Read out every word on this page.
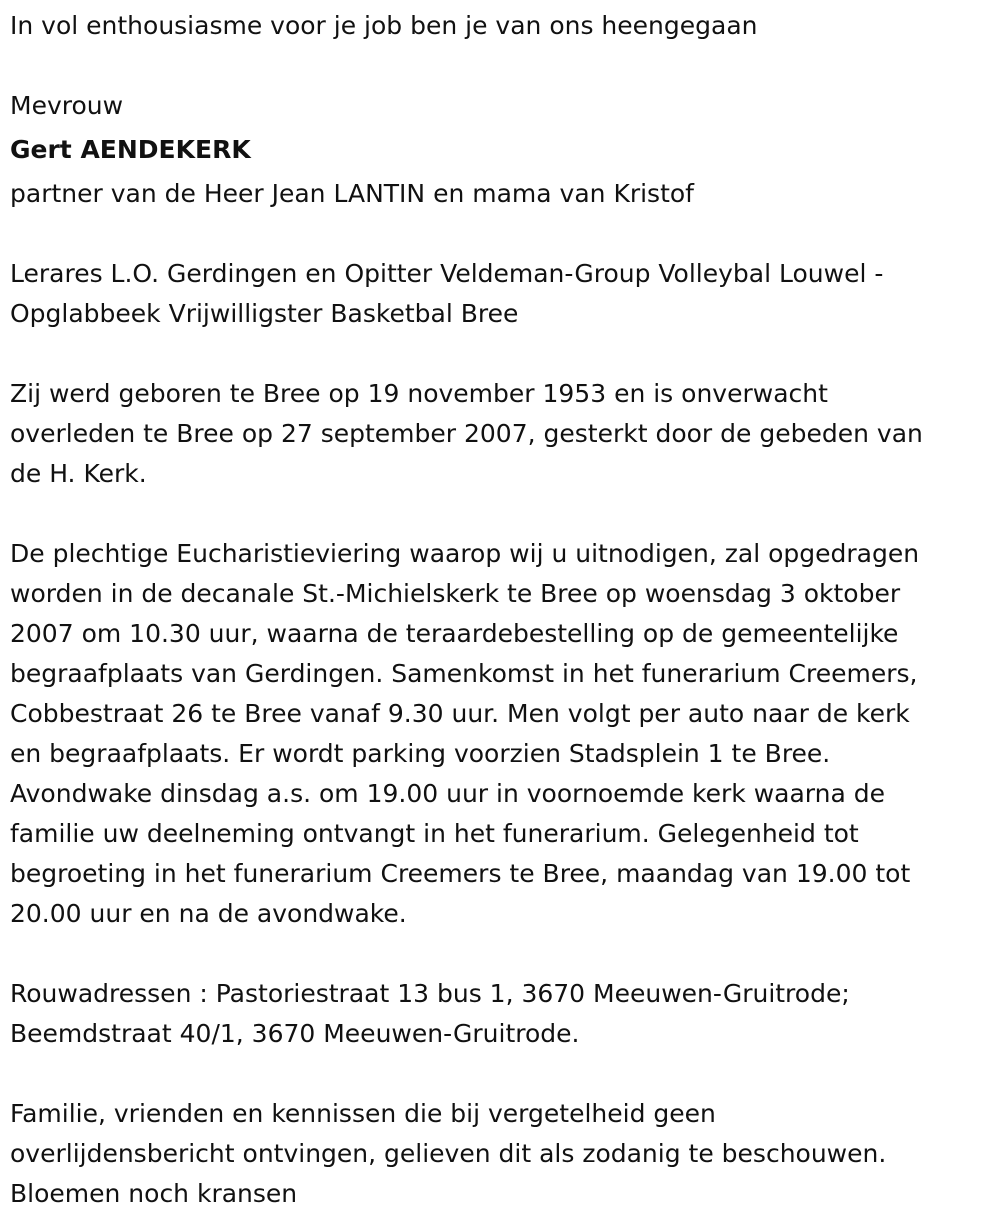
In vol enthousiasme voor je job ben je van ons heengegaan
Mevrouw
Gert AENDEKERK
partner van de Heer Jean LANTIN en mama van Kristof
Lerares L.O. Gerdingen en Opitter Veldeman-Group Volleybal Louwel -
Opglabbeek Vrijwilligster Basketbal Bree
Zij werd geboren te Bree op 19 november 1953 en is onverwacht
overleden te Bree op 27 september 2007, gesterkt door de gebeden van
de H. Kerk.
De plechtige Eucharistieviering waarop wij u uitnodigen, zal opgedragen
worden in de decanale St.-Michielskerk te Bree op woensdag 3 oktober
2007 om 10.30 uur, waarna de teraardebestelling op de gemeentelijke
begraafplaats van Gerdingen. Samenkomst in het funerarium Creemers,
Cobbestraat 26 te Bree vanaf 9.30 uur. Men volgt per auto naar de kerk
en begraafplaats. Er wordt parking voorzien Stadsplein 1 te Bree.
Avondwake dinsdag a.s. om 19.00 uur in voornoemde kerk waarna de
familie uw deelneming ontvangt in het funerarium. Gelegenheid tot
begroeting in het funerarium Creemers te Bree, maandag van 19.00 tot
20.00 uur en na de avondwake.
Rouwadressen : Pastoriestraat 13 bus 1, 3670 Meeuwen-Gruitrode;
Beemdstraat 40/1, 3670 Meeuwen-Gruitrode.
Familie, vrienden en kennissen die bij vergetelheid geen
overlijdensbericht ontvingen, gelieven dit als zodanig te beschouwen.
Bloemen noch kransen
